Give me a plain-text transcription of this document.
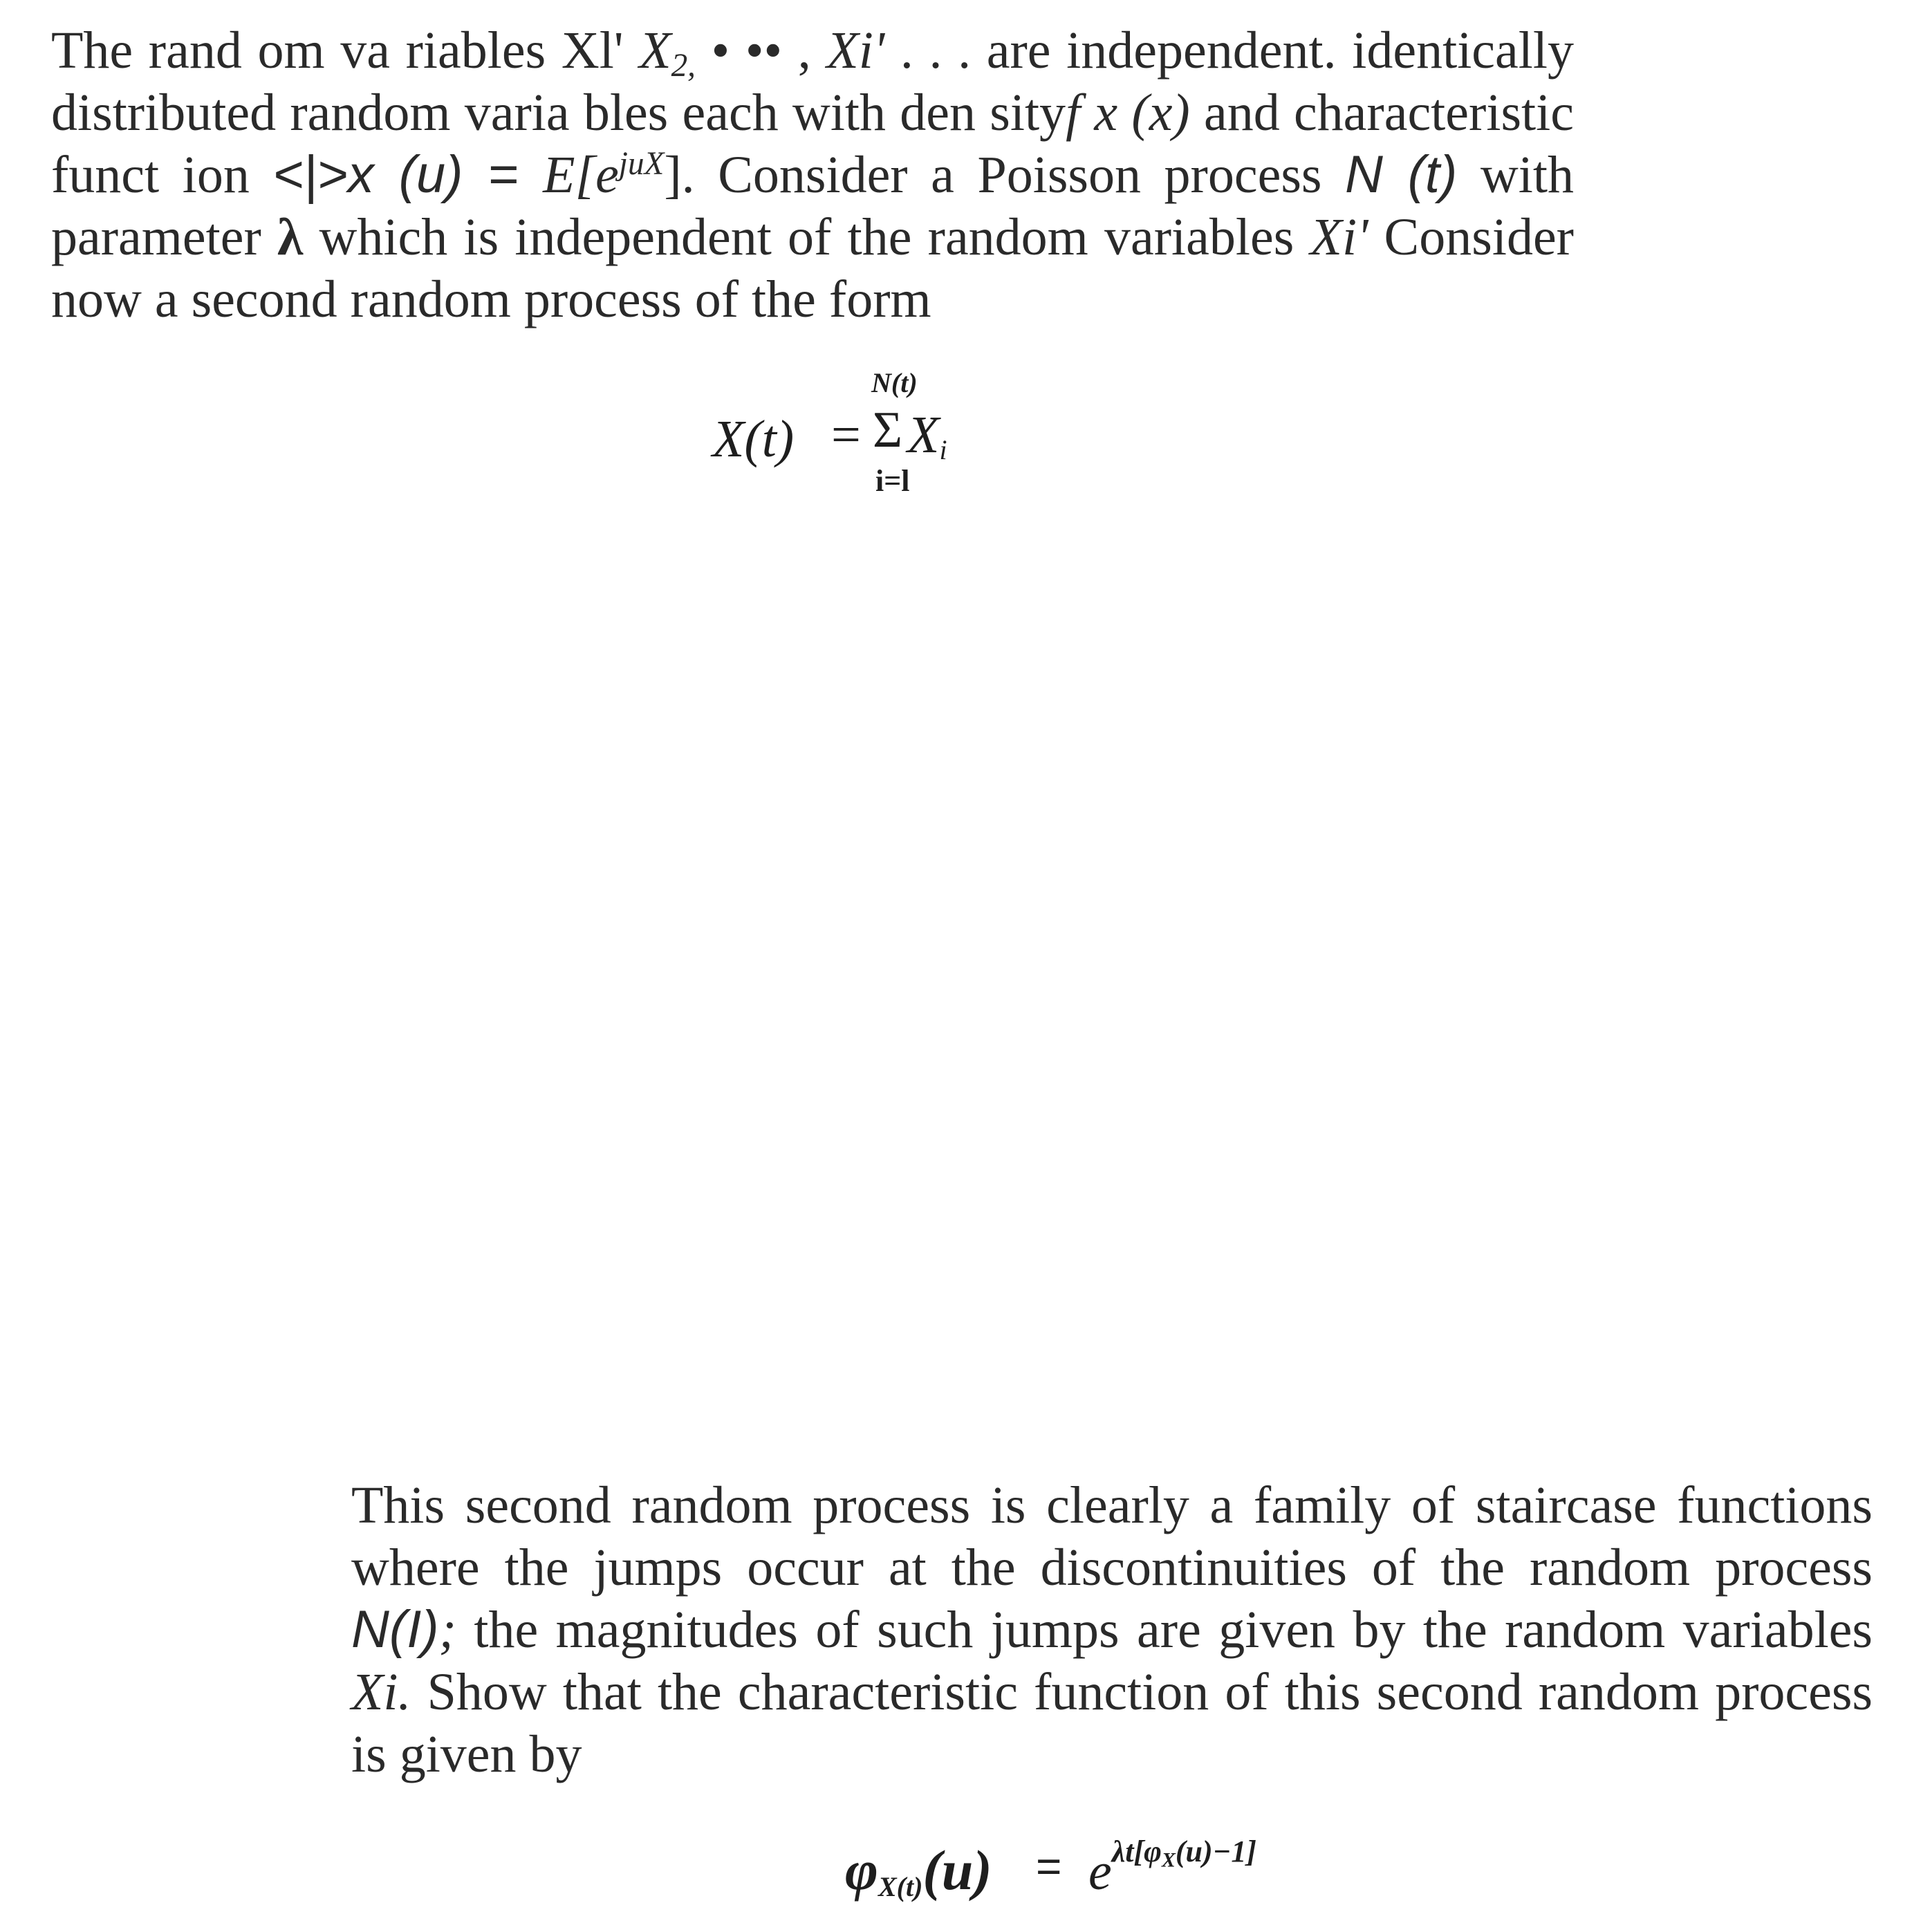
The rand om va riables Xl' $X_{2,}$ • •• , Xi' . . . are independent. identically distributed random varia bles each with den sityf x (x) and characteristic funct ion <|>x $(u) = E[e^{juX}]$. Consider a Poisson process N (t) with parameter λ which is independent of the random variables Xi' Consider now a second random process of the form
X(t) =
N(t)
Σ $X_i$
i=l
This second random process is clearly a family of staircase functions where the jumps occur at the discontinuities of the random process N(I); the magnitudes of such jumps are given by the random variables Xi. Show that the characteristic function of this second random process is given by
$\varphi_{X(t)}(u) = e^{\lambda t[\varphi_X(u)-1]}$
